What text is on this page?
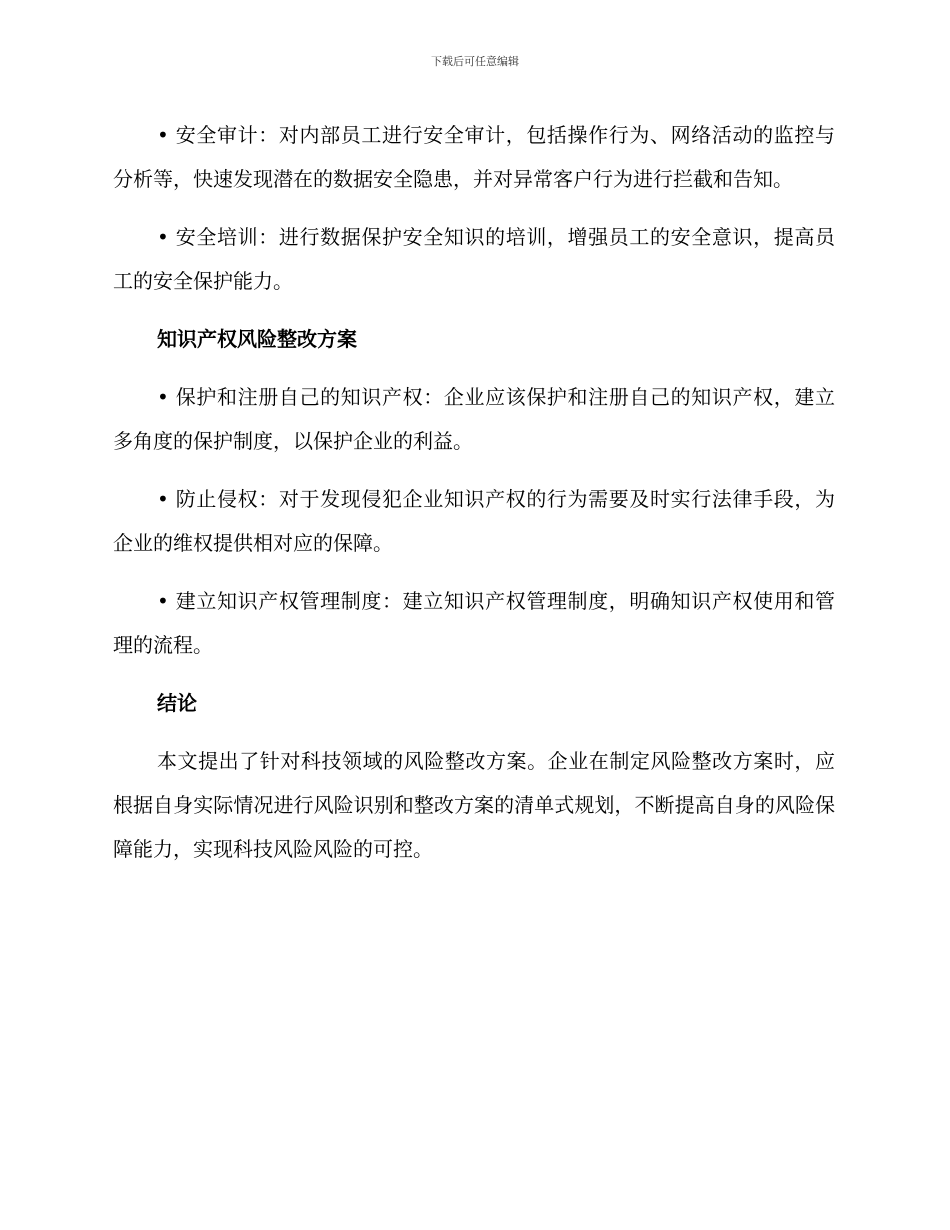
下载后可任意编辑

• 安全审计：对内部员工进行安全审计，包括操作行为、网络活动的监控与分析等，快速发现潜在的数据安全隐患，并对异常客户行为进行拦截和告知。

• 安全培训：进行数据保护安全知识的培训，增强员工的安全意识，提高员工的安全保护能力。

知识产权风险整改方案

• 保护和注册自己的知识产权：企业应该保护和注册自己的知识产权，建立多角度的保护制度，以保护企业的利益。

• 防止侵权：对于发现侵犯企业知识产权的行为需要及时实行法律手段，为企业的维权提供相对应的保障。

• 建立知识产权管理制度：建立知识产权管理制度，明确知识产权使用和管理的流程。

结论

本文提出了针对科技领域的风险整改方案。企业在制定风险整改方案时，应根据自身实际情况进行风险识别和整改方案的清单式规划，不断提高自身的风险保障能力，实现科技风险风险的可控。
